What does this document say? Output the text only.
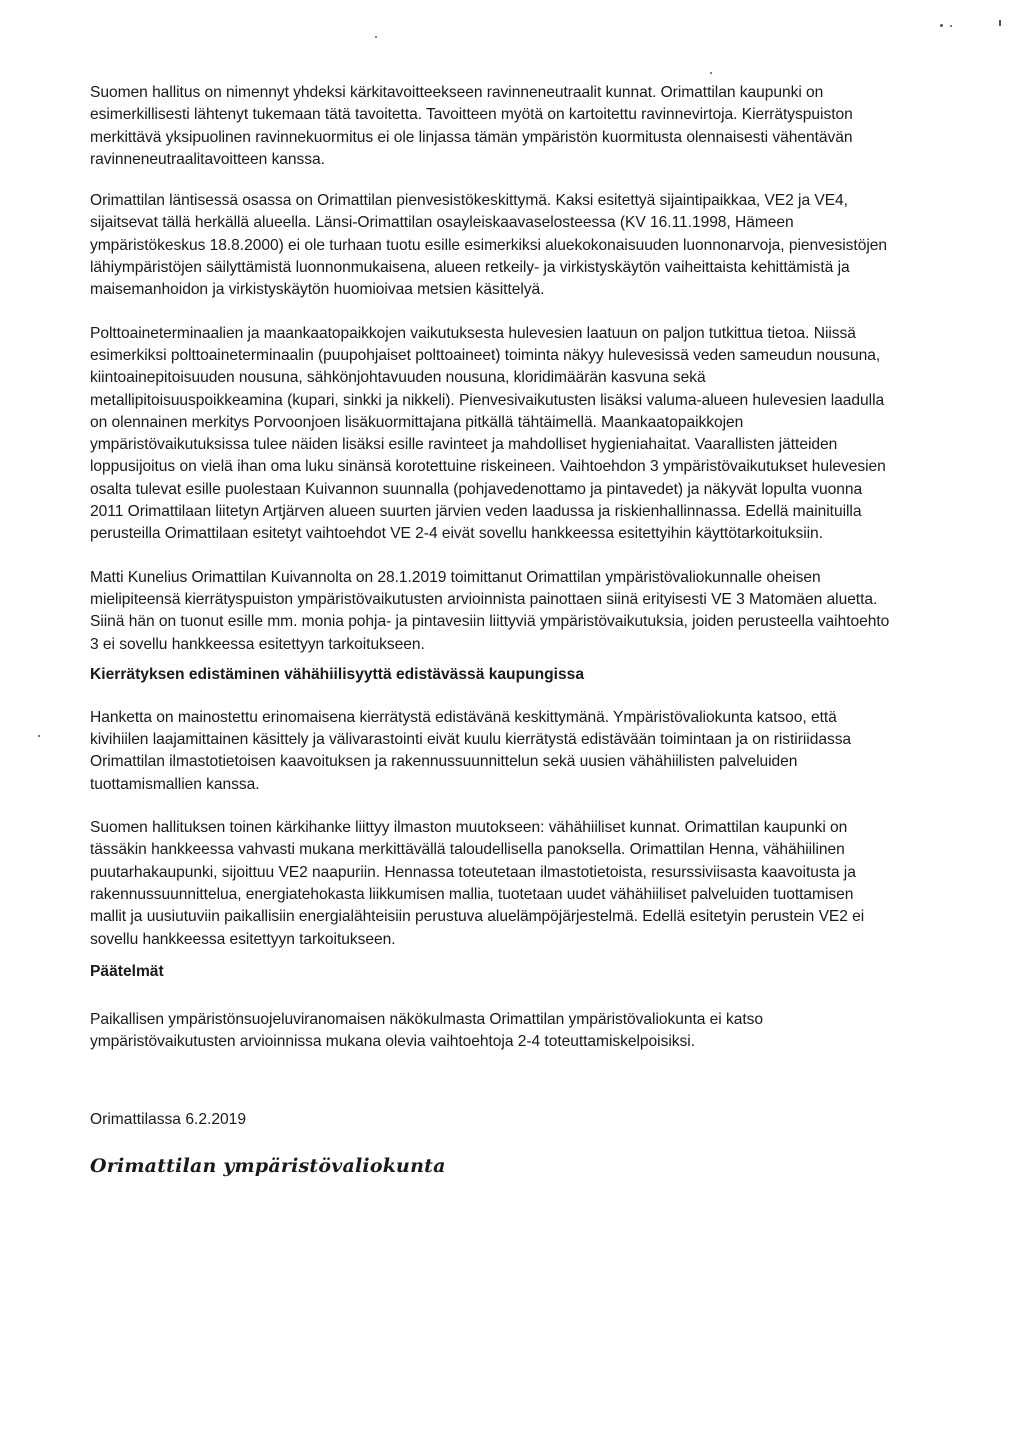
Suomen hallitus on nimennyt yhdeksi kärkitavoitteekseen ravinneneutraalit kunnat. Orimattilan kaupunki on esimerkillisesti lähtenyt tukemaan tätä tavoitetta. Tavoitteen myötä on kartoitettu ravinnevirtoja. Kierrätyspuiston merkittävä yksipuolinen ravinnekuormitus ei ole linjassa tämän ympäristön kuormitusta olennaisesti vähentävän ravinneneutraalitavoitteen kanssa.

Orimattilan läntisessä osassa on Orimattilan pienvesistökeskittymä. Kaksi esitettyä sijaintipaikkaa, VE2 ja VE4, sijaitsevat tällä herkällä alueella. Länsi-Orimattilan osayleiskaavaselosteessa (KV 16.11.1998, Hämeen ympäristökeskus 18.8.2000) ei ole turhaan tuotu esille esimerkiksi aluekokonaisuuden luonnonarvoja, pienvesistöjen lähiympäristöjen säilyttämistä luonnonmukaisena, alueen retkeily- ja virkistyskäytön vaiheittaista kehittämistä ja maisemanhoidon ja virkistyskäytön huomioivaa metsien käsittelyä.

Polttoaineterminaalien ja maankaatopaikkojen vaikutuksesta hulevesien laatuun on paljon tutkittua tietoa. Niissä esimerkiksi polttoaineterminaalin (puupohjaiset polttoaineet) toiminta näkyy hulevesissä veden sameudun nousuna, kiintoainepitoisuuden nousuna, sähkönjohtavuuden nousuna, kloridimäärän kasvuna sekä metallipitoisuuspoikkeamina (kupari, sinkki ja nikkeli). Pienvesivaikutusten lisäksi valuma-alueen hulevesien laadulla on olennainen merkitys Porvoonjoen lisäkuormittajana pitkällä tähtäimellä. Maankaatopaikkojen ympäristövaikutuksissa tulee näiden lisäksi esille ravinteet ja mahdolliset hygieniahaitat. Vaarallisten jätteiden loppusijoitus on vielä ihan oma luku sinänsä korotettuine riskeineen. Vaihtoehdon 3 ympäristövaikutukset hulevesien osalta tulevat esille puolestaan Kuivannon suunnalla (pohjavedenottamo ja pintavedet) ja näkyvät lopulta vuonna 2011 Orimattilaan liitetyn Artjärven alueen suurten järvien veden laadussa ja riskienhallinnassa. Edellä mainituilla perusteilla Orimattilaan esitetyt vaihtoehdot VE 2-4 eivät sovellu hankkeessa esitettyihin käyttötarkoituksiin.

Matti Kunelius Orimattilan Kuivannolta on 28.1.2019 toimittanut Orimattilan ympäristövaliokunnalle oheisen mielipiteensä kierrätyspuiston ympäristövaikutusten arvioinnista painottaen siinä erityisesti VE 3 Matomäen aluetta. Siinä hän on tuonut esille mm. monia pohja- ja pintavesiin liittyviä ympäristövaikutuksia, joiden perusteella vaihtoehto 3 ei sovellu hankkeessa esitettyyn tarkoitukseen.

Kierrätyksen edistäminen vähähiilisyyttä edistävässä kaupungissa

Hanketta on mainostettu erinomaisena kierrätystä edistävänä keskittymänä. Ympäristövaliokunta katsoo, että kivihiilen laajamittainen käsittely ja välivarastointi eivät kuulu kierrätystä edistävään toimintaan ja on ristiriidassa Orimattilan ilmastotietoisen kaavoituksen ja rakennussuunnittelun sekä uusien vähähiilisten palveluiden tuottamismallien kanssa.

Suomen hallituksen toinen kärkihanke liittyy ilmaston muutokseen: vähähiiliset kunnat. Orimattilan kaupunki on tässäkin hankkeessa vahvasti mukana merkittävällä taloudellisella panoksella. Orimattilan Henna, vähähiilinen puutarhakaupunki, sijoittuu VE2 naapuriin. Hennassa toteutetaan ilmastotietoista, resurssiviisasta kaavoitusta ja rakennussuunnittelua, energiatehokasta liikkumisen mallia, tuotetaan uudet vähähiiliset palveluiden tuottamisen mallit ja uusiutuviin paikallisiin energialähteisiin perustuva aluelämpöjärjestelmä. Edellä esitetyin perustein VE2 ei sovellu hankkeessa esitettyyn tarkoitukseen.

Päätelmät

Paikallisen ympäristönsuojeluviranomaisen näkökulmasta Orimattilan ympäristövaliokunta ei katso ympäristövaikutusten arvioinnissa mukana olevia vaihtoehtoja 2-4 toteuttamiskelpoisiksi.

Orimattilassa 6.2.2019

Orimattilan ympäristövaliokunta
